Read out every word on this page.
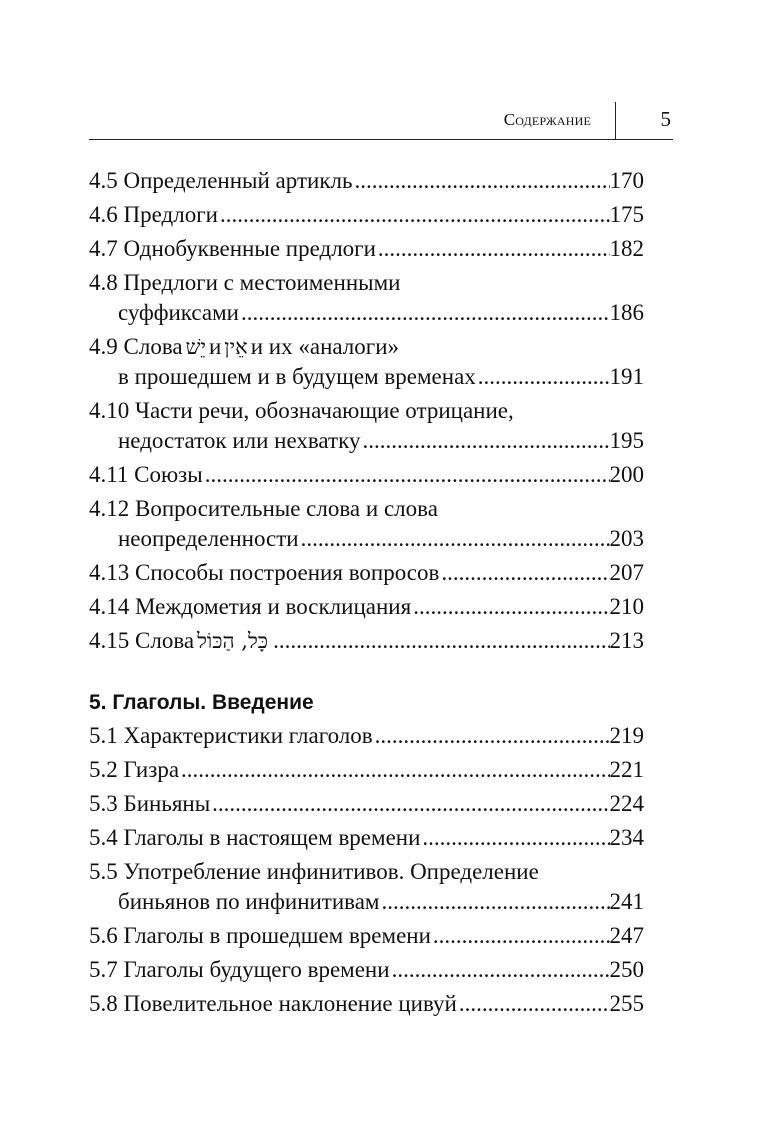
Содержание	5
4.5 Определенный артикль .....	170
4.6 Предлоги .....	175
4.7 Однобуквенные предлоги .....	182
4.8 Предлоги с местоименными
суффиксами .....	186
4.9 Слова יֵשׁ и אֵין и их «аналоги»
в прошедшем и в будущем временах .....	191
4.10 Части речи, обозначающие отрицание,
недостаток или нехватку .....	195
4.11 Союзы .....	200
4.12 Вопросительные слова и слова
неопределенности .....	203
4.13 Способы построения вопросов .....	207
4.14 Междометия и восклицания .....	210
4.15 Слова כָּל, הַכּוֹל .....	213
5. Глаголы. Введение
5.1 Характеристики глаголов .....	219
5.2 Гизра .....	221
5.3 Биньяны .....	224
5.4 Глаголы в настоящем времени .....	234
5.5 Употребление инфинитивов. Определение
биньянов по инфинитивам .....	241
5.6 Глаголы в прошедшем времени .....	247
5.7 Глаголы будущего времени .....	250
5.8 Повелительное наклонение цивуй .....	255
